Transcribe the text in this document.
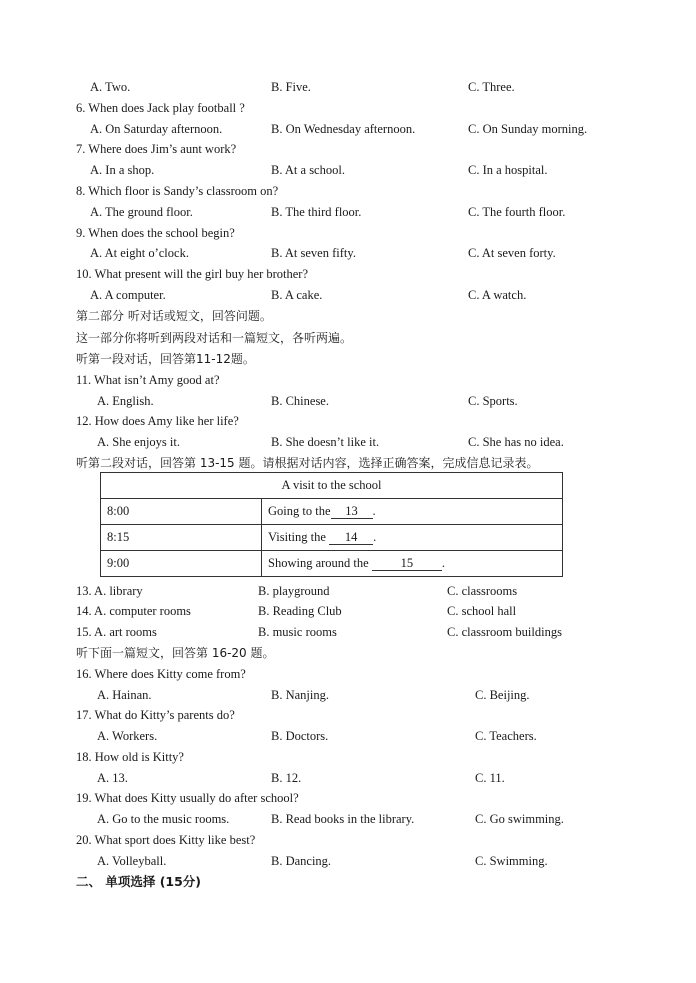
A. Two.	B. Five.	C. Three.
6. When does Jack play football ?
A. On Saturday afternoon.	B. On Wednesday afternoon.	C. On Sunday morning.
7. Where does Jim’s aunt work?
A. In a shop.	B. At a school.	C. In a hospital.
8. Which floor is Sandy’s classroom on?
A. The ground floor.	B. The third floor.	C. The fourth floor.
9. When does the school begin?
A. At eight o’clock.	B. At seven fifty.	C. At seven forty.
10. What present will the girl buy her brother?
A. A computer.	B. A cake.	C. A watch.
第二部分 听对话或短文，回答问题。
这一部分你将听到两段对话和一篇短文，各听两遍。
听第一段对话，回答第11-12题。
11. What isn’t Amy good at?
A. English.	B. Chinese.	C. Sports.
12. How does Amy like her life?
A. She enjoys it.	B. She doesn’t like it.	C. She has no idea.
听第二段对话，回答第 13-15 题。请根据对话内容，选择正确答案，完成信息记录表。
A visit to the school	
8:00	Going to the 13 .
8:15	Visiting the 14 .
9:00	Showing around the 15 .
13. A. library	B. playground	C. classrooms
14. A. computer rooms	B. Reading Club	C. school hall
15. A. art rooms	B. music rooms	C. classroom buildings
听下面一篇短文，回答第 16-20 题。
16. Where does Kitty come from?
A. Hainan.	B. Nanjing.	C. Beijing.
17. What do Kitty’s parents do?
A. Workers.	B. Doctors.	C. Teachers.
18. How old is Kitty?
A. 13.	B. 12.	C. 11.
19. What does Kitty usually do after school?
A. Go to the music rooms.	B. Read books in the library.	C. Go swimming.
20. What sport does Kitty like best?
A. Volleyball.	B. Dancing.	C. Swimming.
二、 单项选择 (15分)
